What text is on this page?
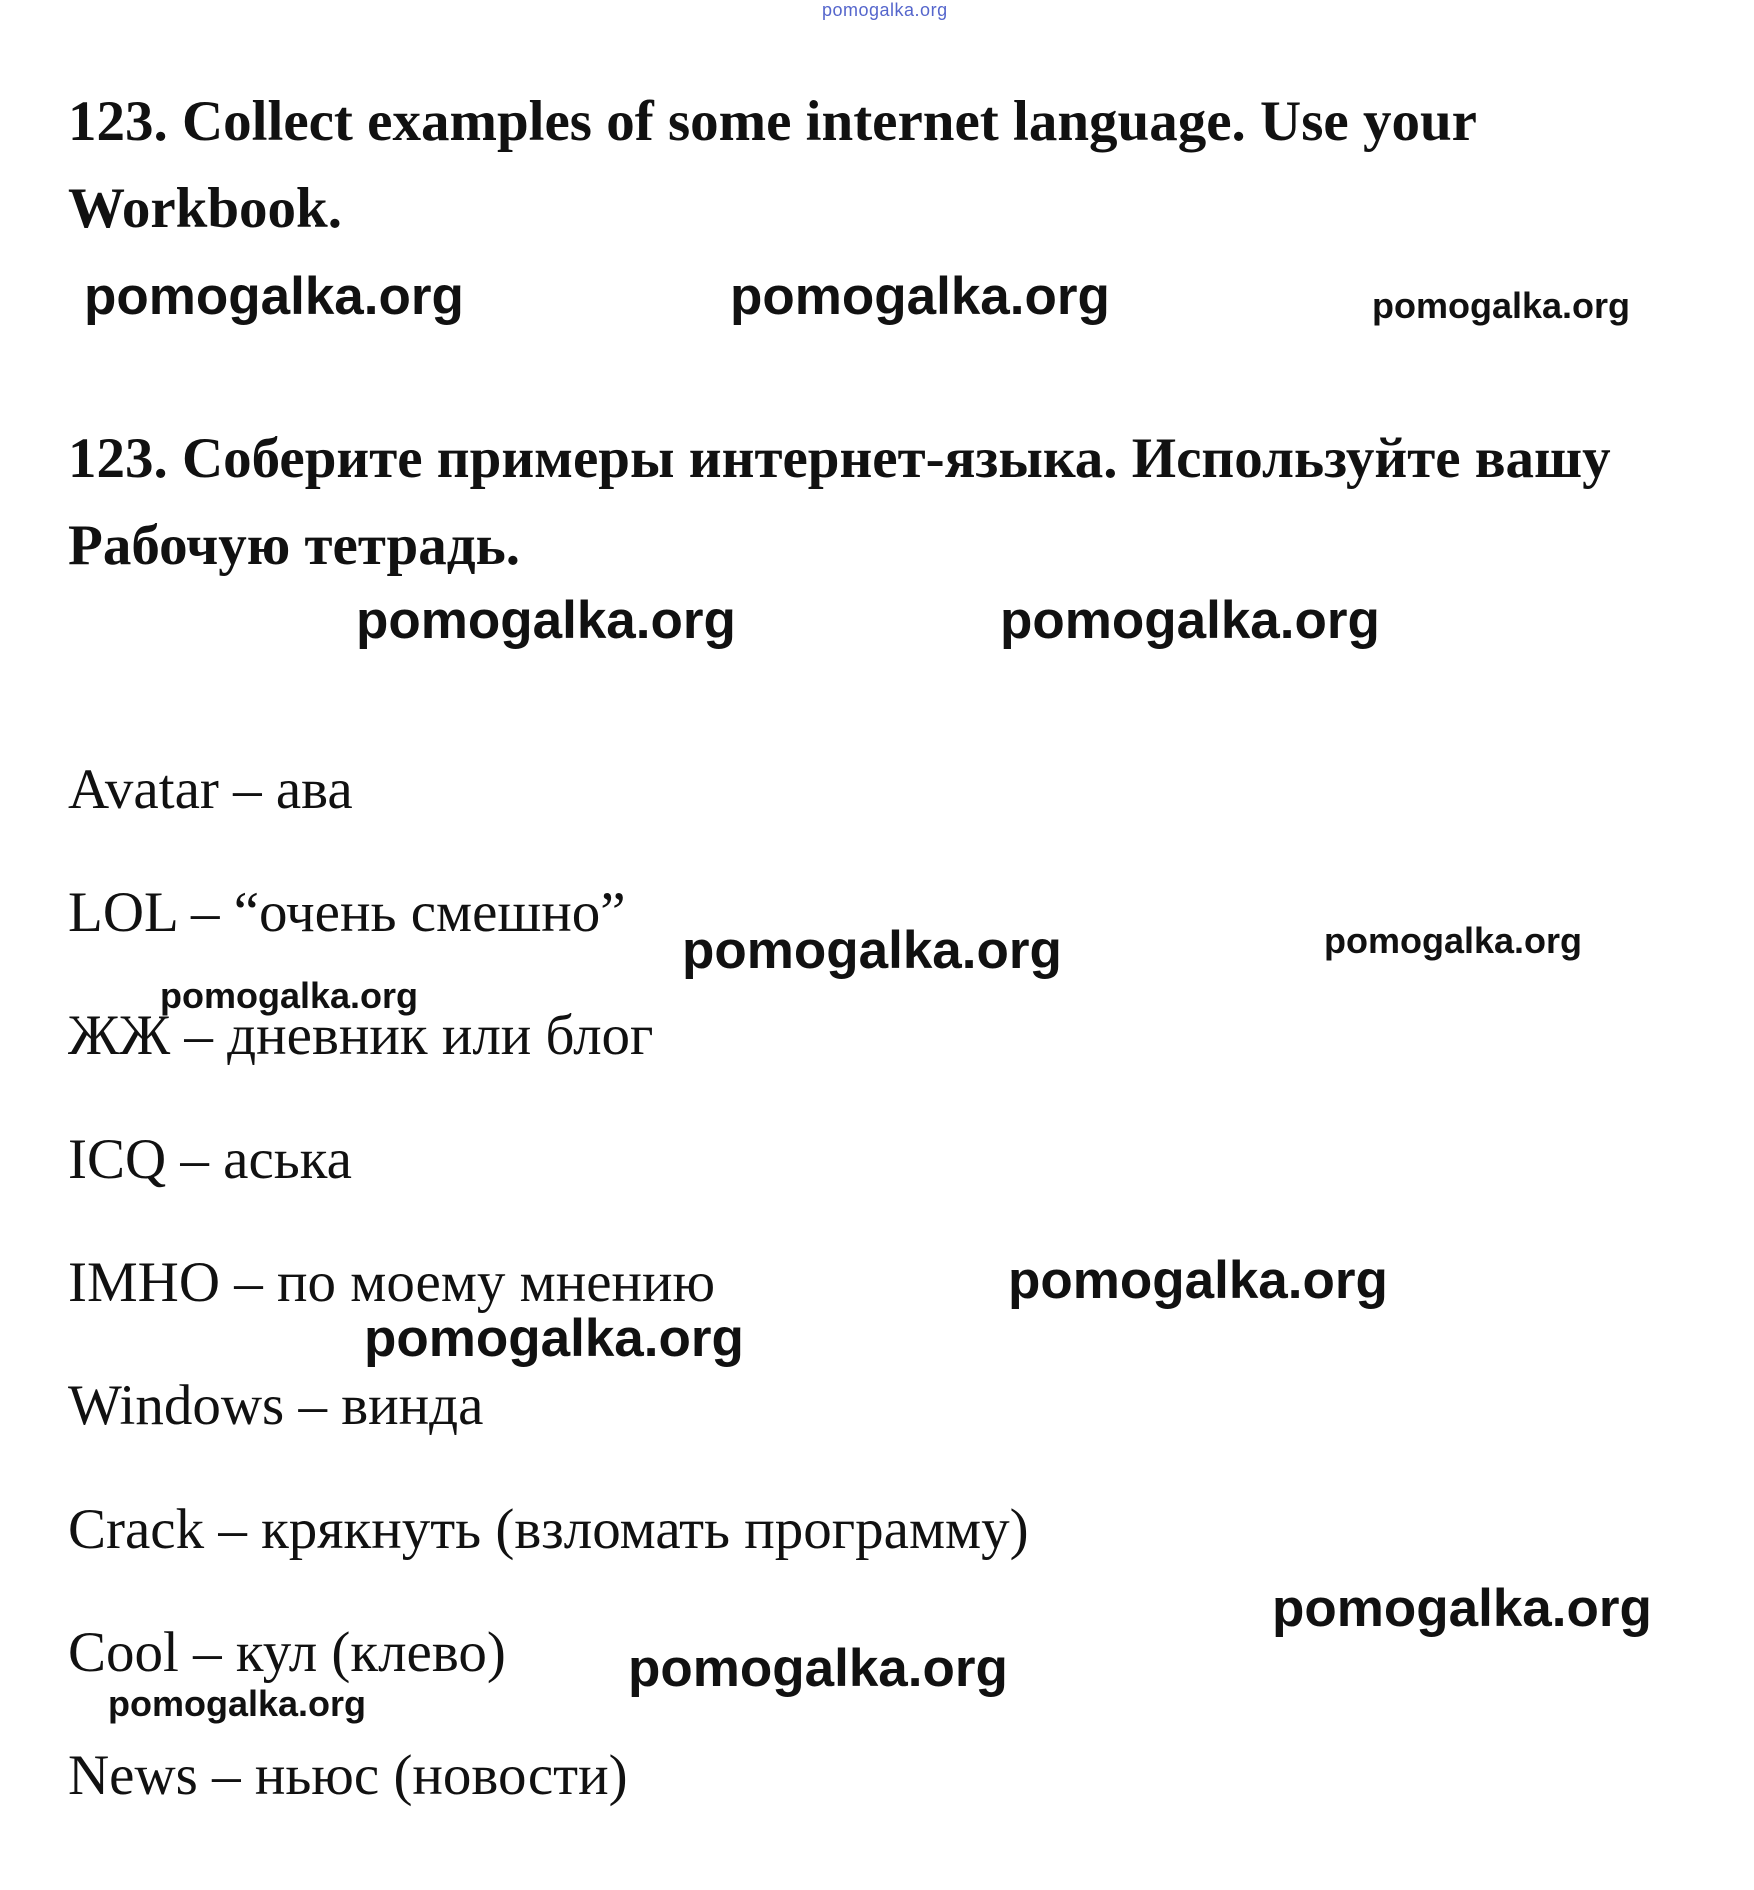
pomogalka.org

123. Collect examples of some internet language. Use your Workbook.

pomogalka.org	pomogalka.org	pomogalka.org

123. Соберите примеры интернет-языка. Используйте вашу Рабочую тетрадь.

pomogalka.org	pomogalka.org
Avatar – ава
LOL – “очень смешно”
ЖЖ – дневник или блог
ICQ – аська
IMHO – по моему мнению
Windows – винда
Crack – крякнуть (взломать программу)
Cool – кул (клево)
News – ньюс (новости)
pomogalka.org	pomogalka.org
pomogalka.org
pomogalka.org
pomogalka.org
pomogalka.org
pomogalka.org
pomogalka.org
